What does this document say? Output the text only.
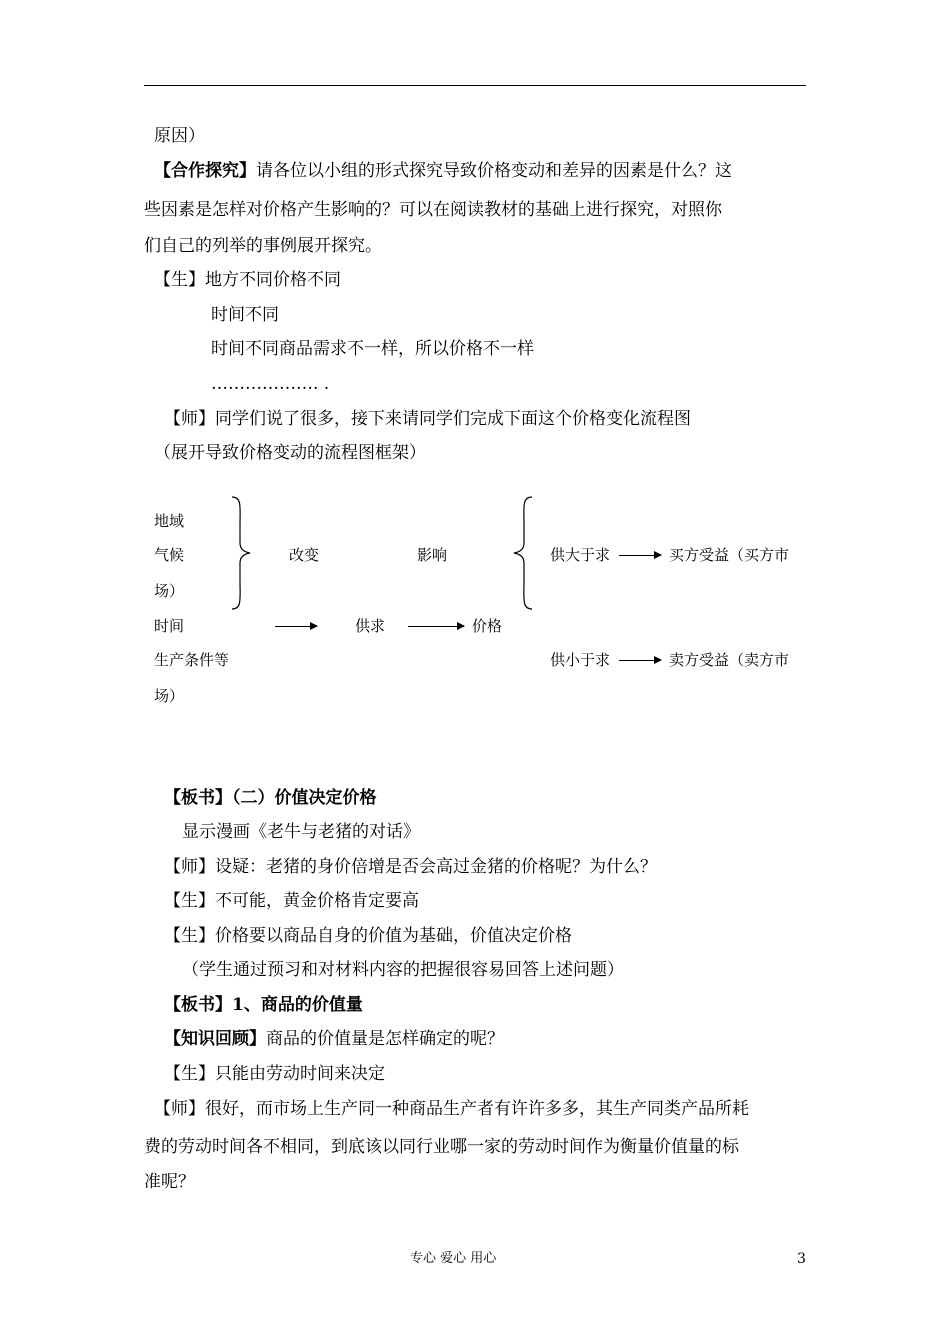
原因）
【合作探究】请各位以小组的形式探究导致价格变动和差异的因素是什么？这
些因素是怎样对价格产生影响的？可以在阅读教材的基础上进行探究，对照你
们自己的列举的事例展开探究。
【生】地方不同价格不同
时间不同
时间不同商品需求不一样，所以价格不一样
………………. .
【师】同学们说了很多，接下来请同学们完成下面这个价格变化流程图
（展开导致价格变动的流程图框架）
地域
气候
场）
时间
生产条件等
场）
改变	影响	供大于求	买方受益（买方市
供求	价格
供小于求	卖方受益（卖方市
【板书】（二）价值决定价格
显示漫画《老牛与老猪的对话》
【师】设疑：老猪的身价倍增是否会高过金猪的价格呢？为什么？
【生】不可能，黄金价格肯定要高
【生】价格要以商品自身的价值为基础，价值决定价格
（学生通过预习和对材料内容的把握很容易回答上述问题）
【板书】1、商品的价值量
【知识回顾】商品的价值量是怎样确定的呢？
【生】只能由劳动时间来决定
【师】很好，而市场上生产同一种商品生产者有许许多多，其生产同类产品所耗
费的劳动时间各不相同，到底该以同行业哪一家的劳动时间作为衡量价值量的标
准呢？
专心 爱心 用心	3
